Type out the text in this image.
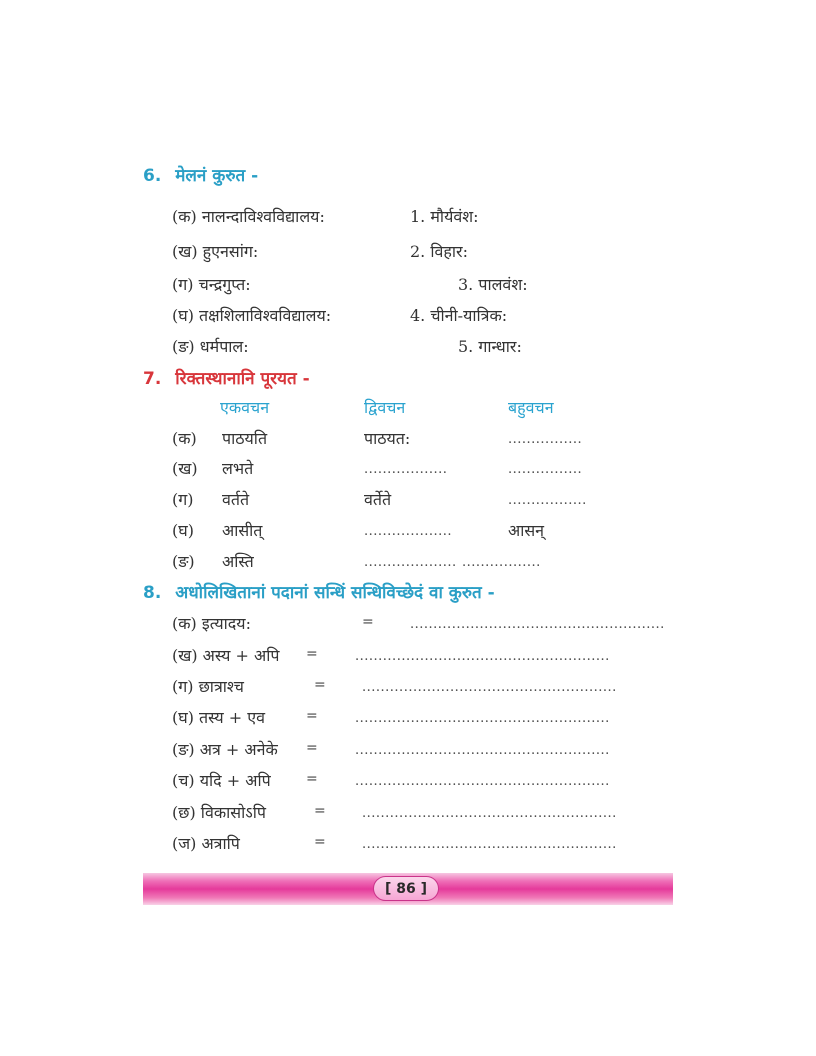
6. मेलनं कुरुत -
(क) नालन्दाविश्वविद्यालय:	1. मौर्यवंश:
(ख) हुएनसांग:	2. विहार:
(ग) चन्द्रगुप्त:	3. पालवंश:
(घ) तक्षशिलाविश्वविद्यालय:	4. चीनी-यात्रिक:
(ङ) धर्मपाल:	5. गान्धार:
7. रिक्तस्थानानि पूरयत -
एकवचन	द्विवचन	बहुवचन
(क) पाठयति	पाठयत:	................
(ख) लभते	..................	................
(ग) वर्तते	वर्तेते	.................
(घ) आसीत्	...................	आसन्
(ङ) अस्ति	.................... .................
8. अधोलिखितानां पदानां सन्धिं सन्धिविच्छेदं वा कुरुत -
(क) इत्यादय:	=	.......................................................
(ख) अस्य + अपि =	.......................................................
(ग) छात्राश्च	=	.......................................................
(घ) तस्य + एव	=	.......................................................
(ङ) अत्र + अनेके =	.......................................................
(च) यदि + अपि	=	.......................................................
(छ) विकासोऽपि	=	.......................................................
(ज) अत्रापि	=	.......................................................
[ 86 ]
